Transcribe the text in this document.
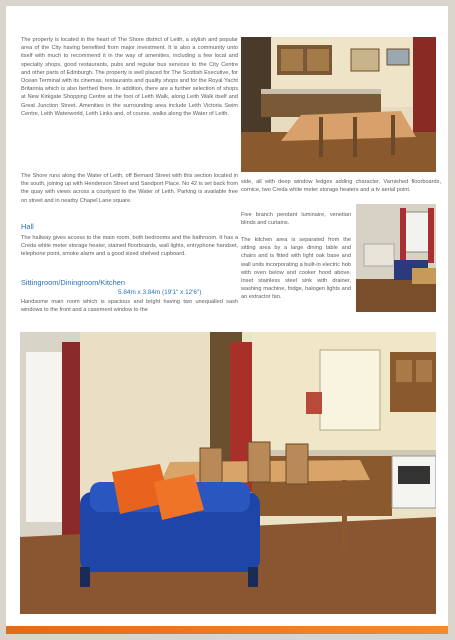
The property is located in the heart of The Shore district of Leith, a stylish and popular area of the City having benefited from major investment. It is also a community unto itself with much to recommend it in the way of amenities, including a few local and specialty shops, good restaurants, pubs and regular bus services to the City Centre and other parts of Edinburgh. The property is well placed for The Scottish Executive, for Ocean Terminal with its cinemas, restaurants and quality shops and for the Royal Yacht Britannia which is also berthed there. In addition, there are a further selection of shops at New Kirkgate Shopping Centre at the foot of Leith Walk, along Leith Walk itself and Great Junction Street. Amenities in the surrounding area include Leith Victoria Swim Centre, Leith Waterworld, Leith Links and, of course, walks along the Water of Leith.

The Shore runs along the Water of Leith, off Bernard Street with this section located in the south, joining up with Henderson Street and Sandport Place. No 42 is set back from the quay with views across a courtyard to the Water of Leith. Parking is available free on street and in nearby Chapel Lane square.

Hall

The hallway gives access to the main room, both bedrooms and the bathroom. It has a Creda white meter storage heater, stained floorboards, wall lights, entryphone handset, telephone point, smoke alarm and a good sized shelved cupboard.

Sittingroom/Diningroom/Kitchen

5.84m x 3.84m (19'1" x 12'6")

Handsome main room which is spacious and bright having two unequalled sash windows to the front and a casement window to the

side, all with deep window ledges adding character. Varnished floorboards, cornice, two Creda white meter storage heaters and a tv aerial point.

Five branch pendant luminaire, venetian blinds and curtains.

The kitchen area is separated from the sitting area by a large dining table and chairs and is fitted with light oak base and wall units incorporating a built-in electric hob with oven below and cooker hood above. Inset stainless steel sink with drainer, washing machine, fridge, halogen lights and an extractor fan.
